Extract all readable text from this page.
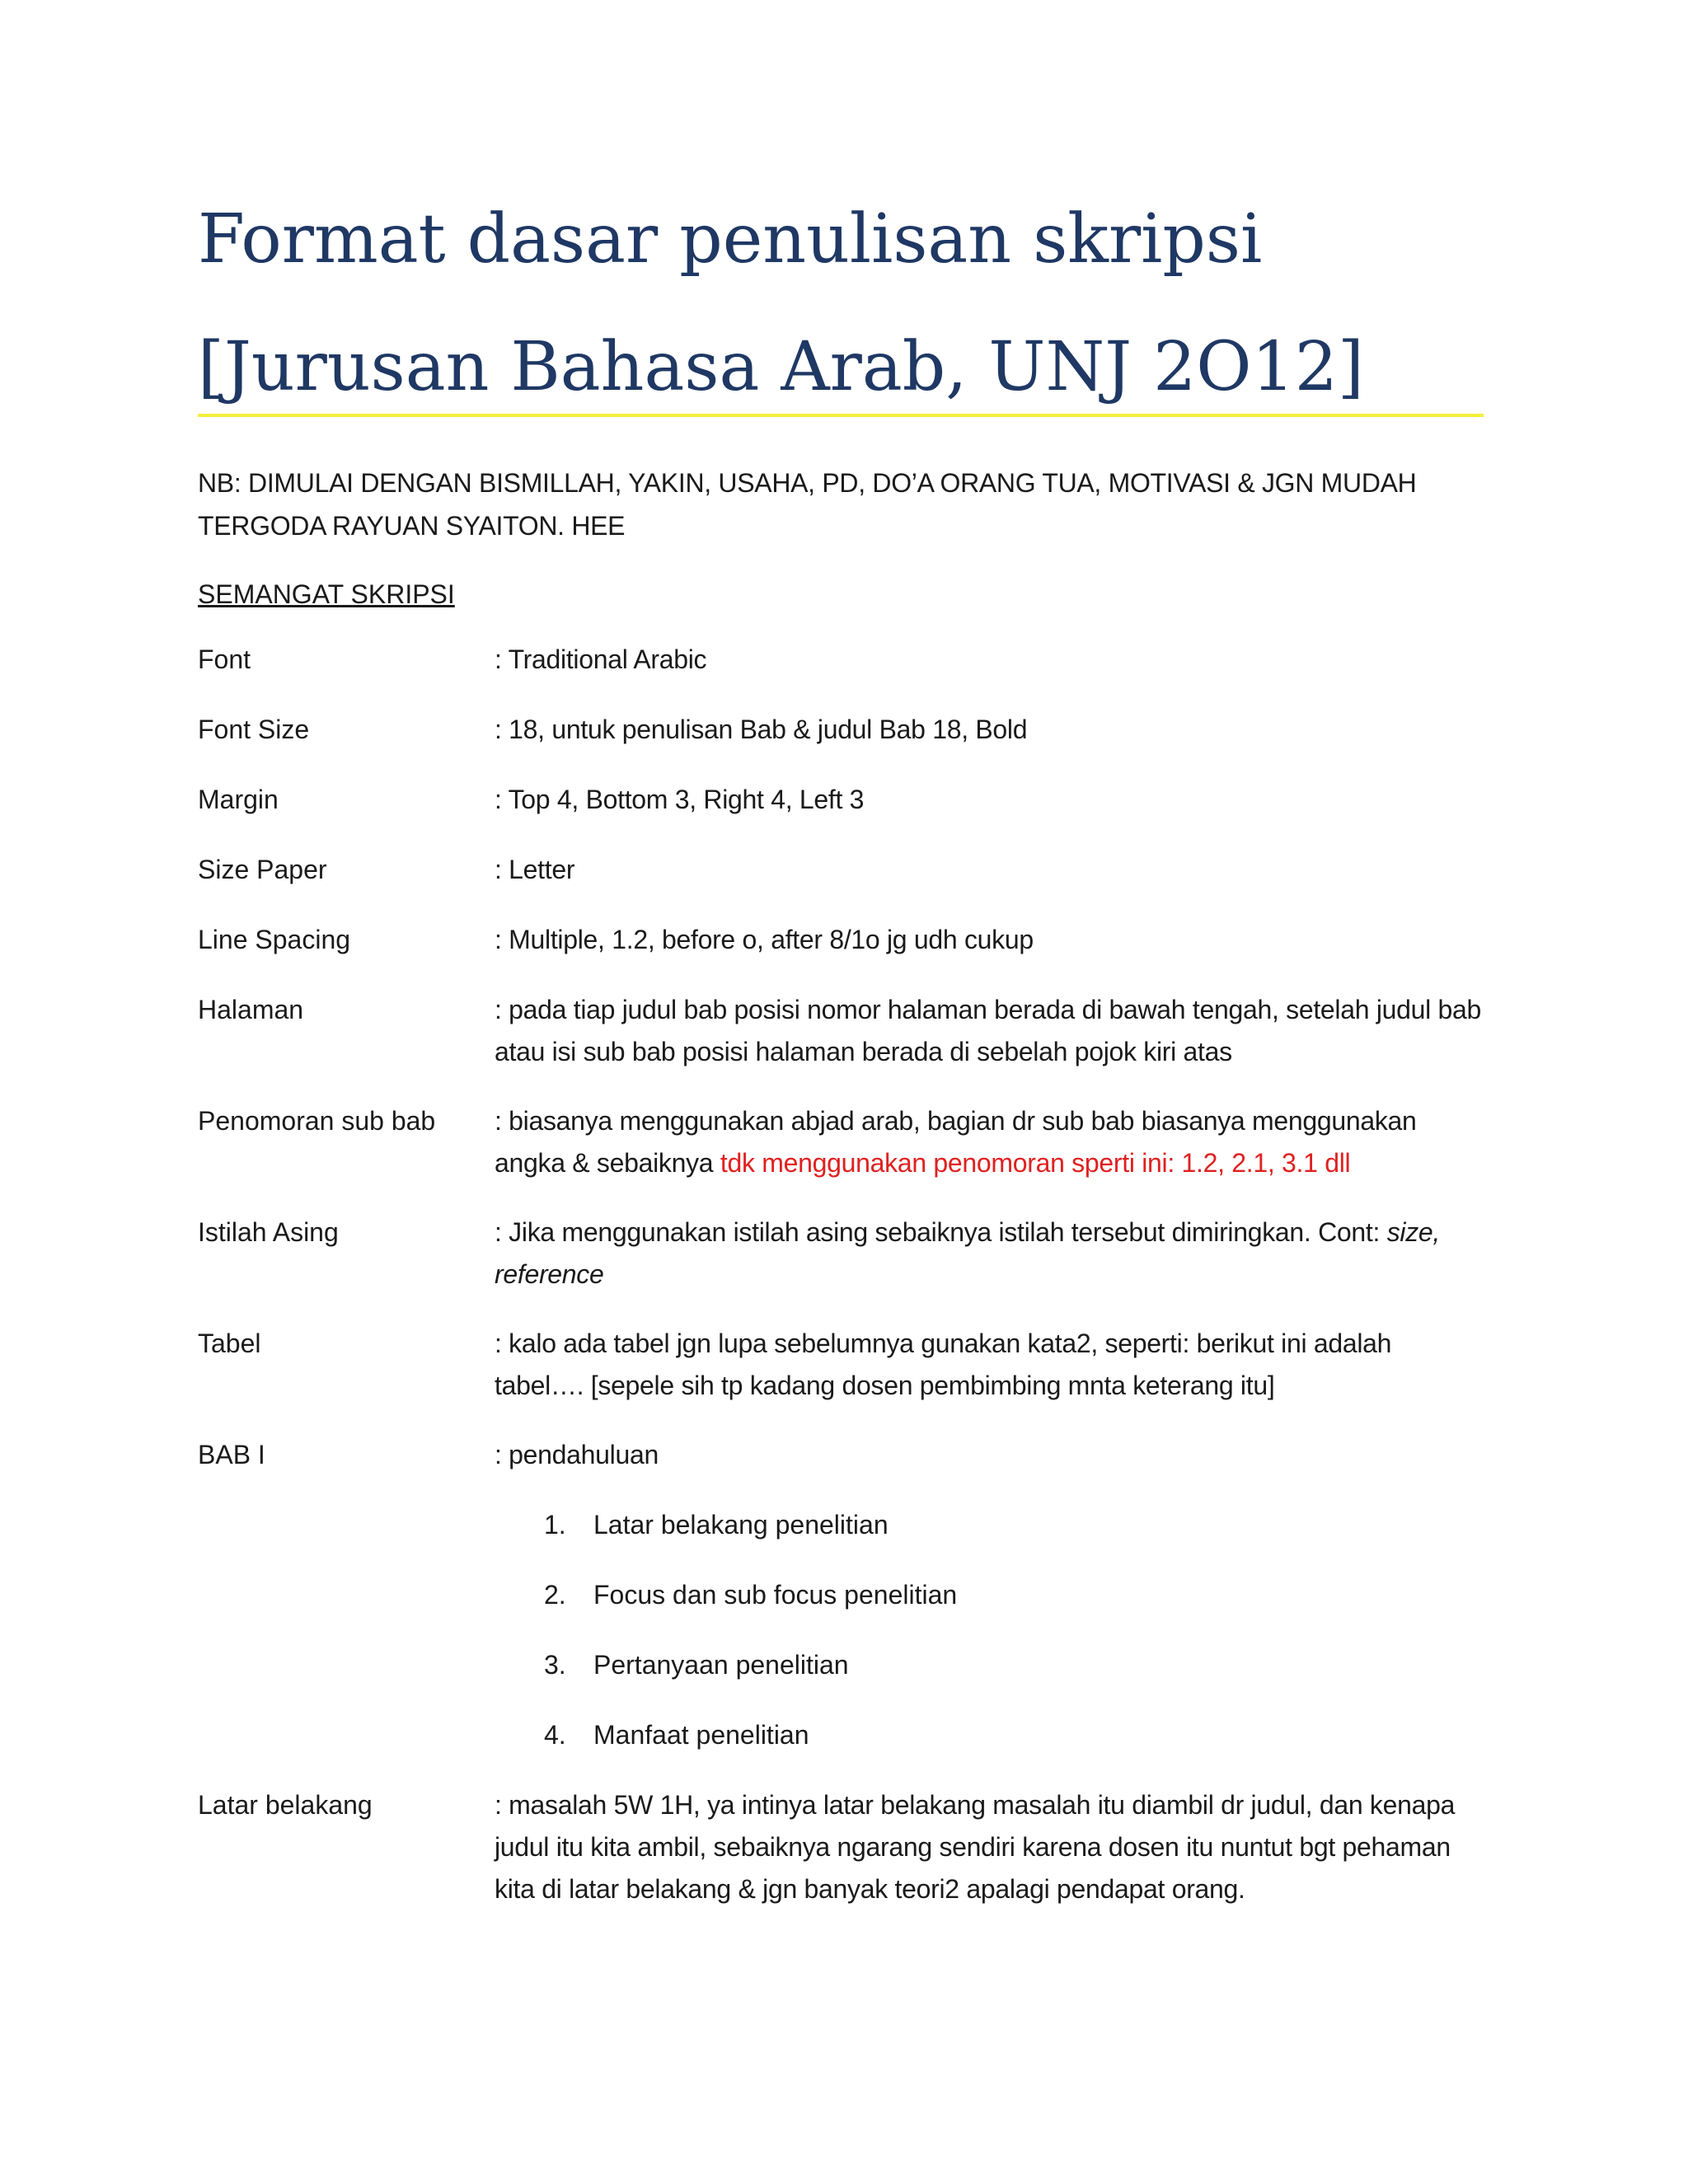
Format dasar penulisan skripsi
[Jurusan Bahasa Arab, UNJ 2O12]

NB: DIMULAI DENGAN BISMILLAH, YAKIN, USAHA, PD, DO’A ORANG TUA, MOTIVASI & JGN MUDAH TERGODA RAYUAN SYAITON. HEE

SEMANGAT SKRIPSI

Font	: Traditional Arabic
Font Size	: 18, untuk penulisan Bab & judul Bab 18, Bold
Margin	: Top 4, Bottom 3, Right 4, Left 3
Size Paper	: Letter
Line Spacing	: Multiple, 1.2, before o, after 8/1o jg udh cukup
Halaman	: pada tiap judul bab posisi nomor halaman berada di bawah tengah, setelah judul bab atau isi sub bab posisi halaman berada di sebelah pojok kiri atas
Penomoran sub bab	: biasanya menggunakan abjad arab, bagian dr sub bab biasanya menggunakan angka & sebaiknya tdk menggunakan penomoran sperti ini: 1.2, 2.1, 3.1 dll
Istilah Asing	: Jika menggunakan istilah asing sebaiknya istilah tersebut dimiringkan. Cont: size, reference
Tabel	: kalo ada tabel jgn lupa sebelumnya gunakan kata2, seperti: berikut ini adalah tabel…. [sepele sih tp kadang dosen pembimbing mnta keterang itu]
BAB I	: pendahuluan
1.	Latar belakang penelitian
2.	Focus dan sub focus penelitian
3.	Pertanyaan penelitian
4.	Manfaat penelitian
Latar belakang	: masalah 5W 1H, ya intinya latar belakang masalah itu diambil dr judul, dan kenapa judul itu kita ambil, sebaiknya ngarang sendiri karena dosen itu nuntut bgt pehaman kita di latar belakang & jgn banyak teori2 apalagi pendapat orang.
